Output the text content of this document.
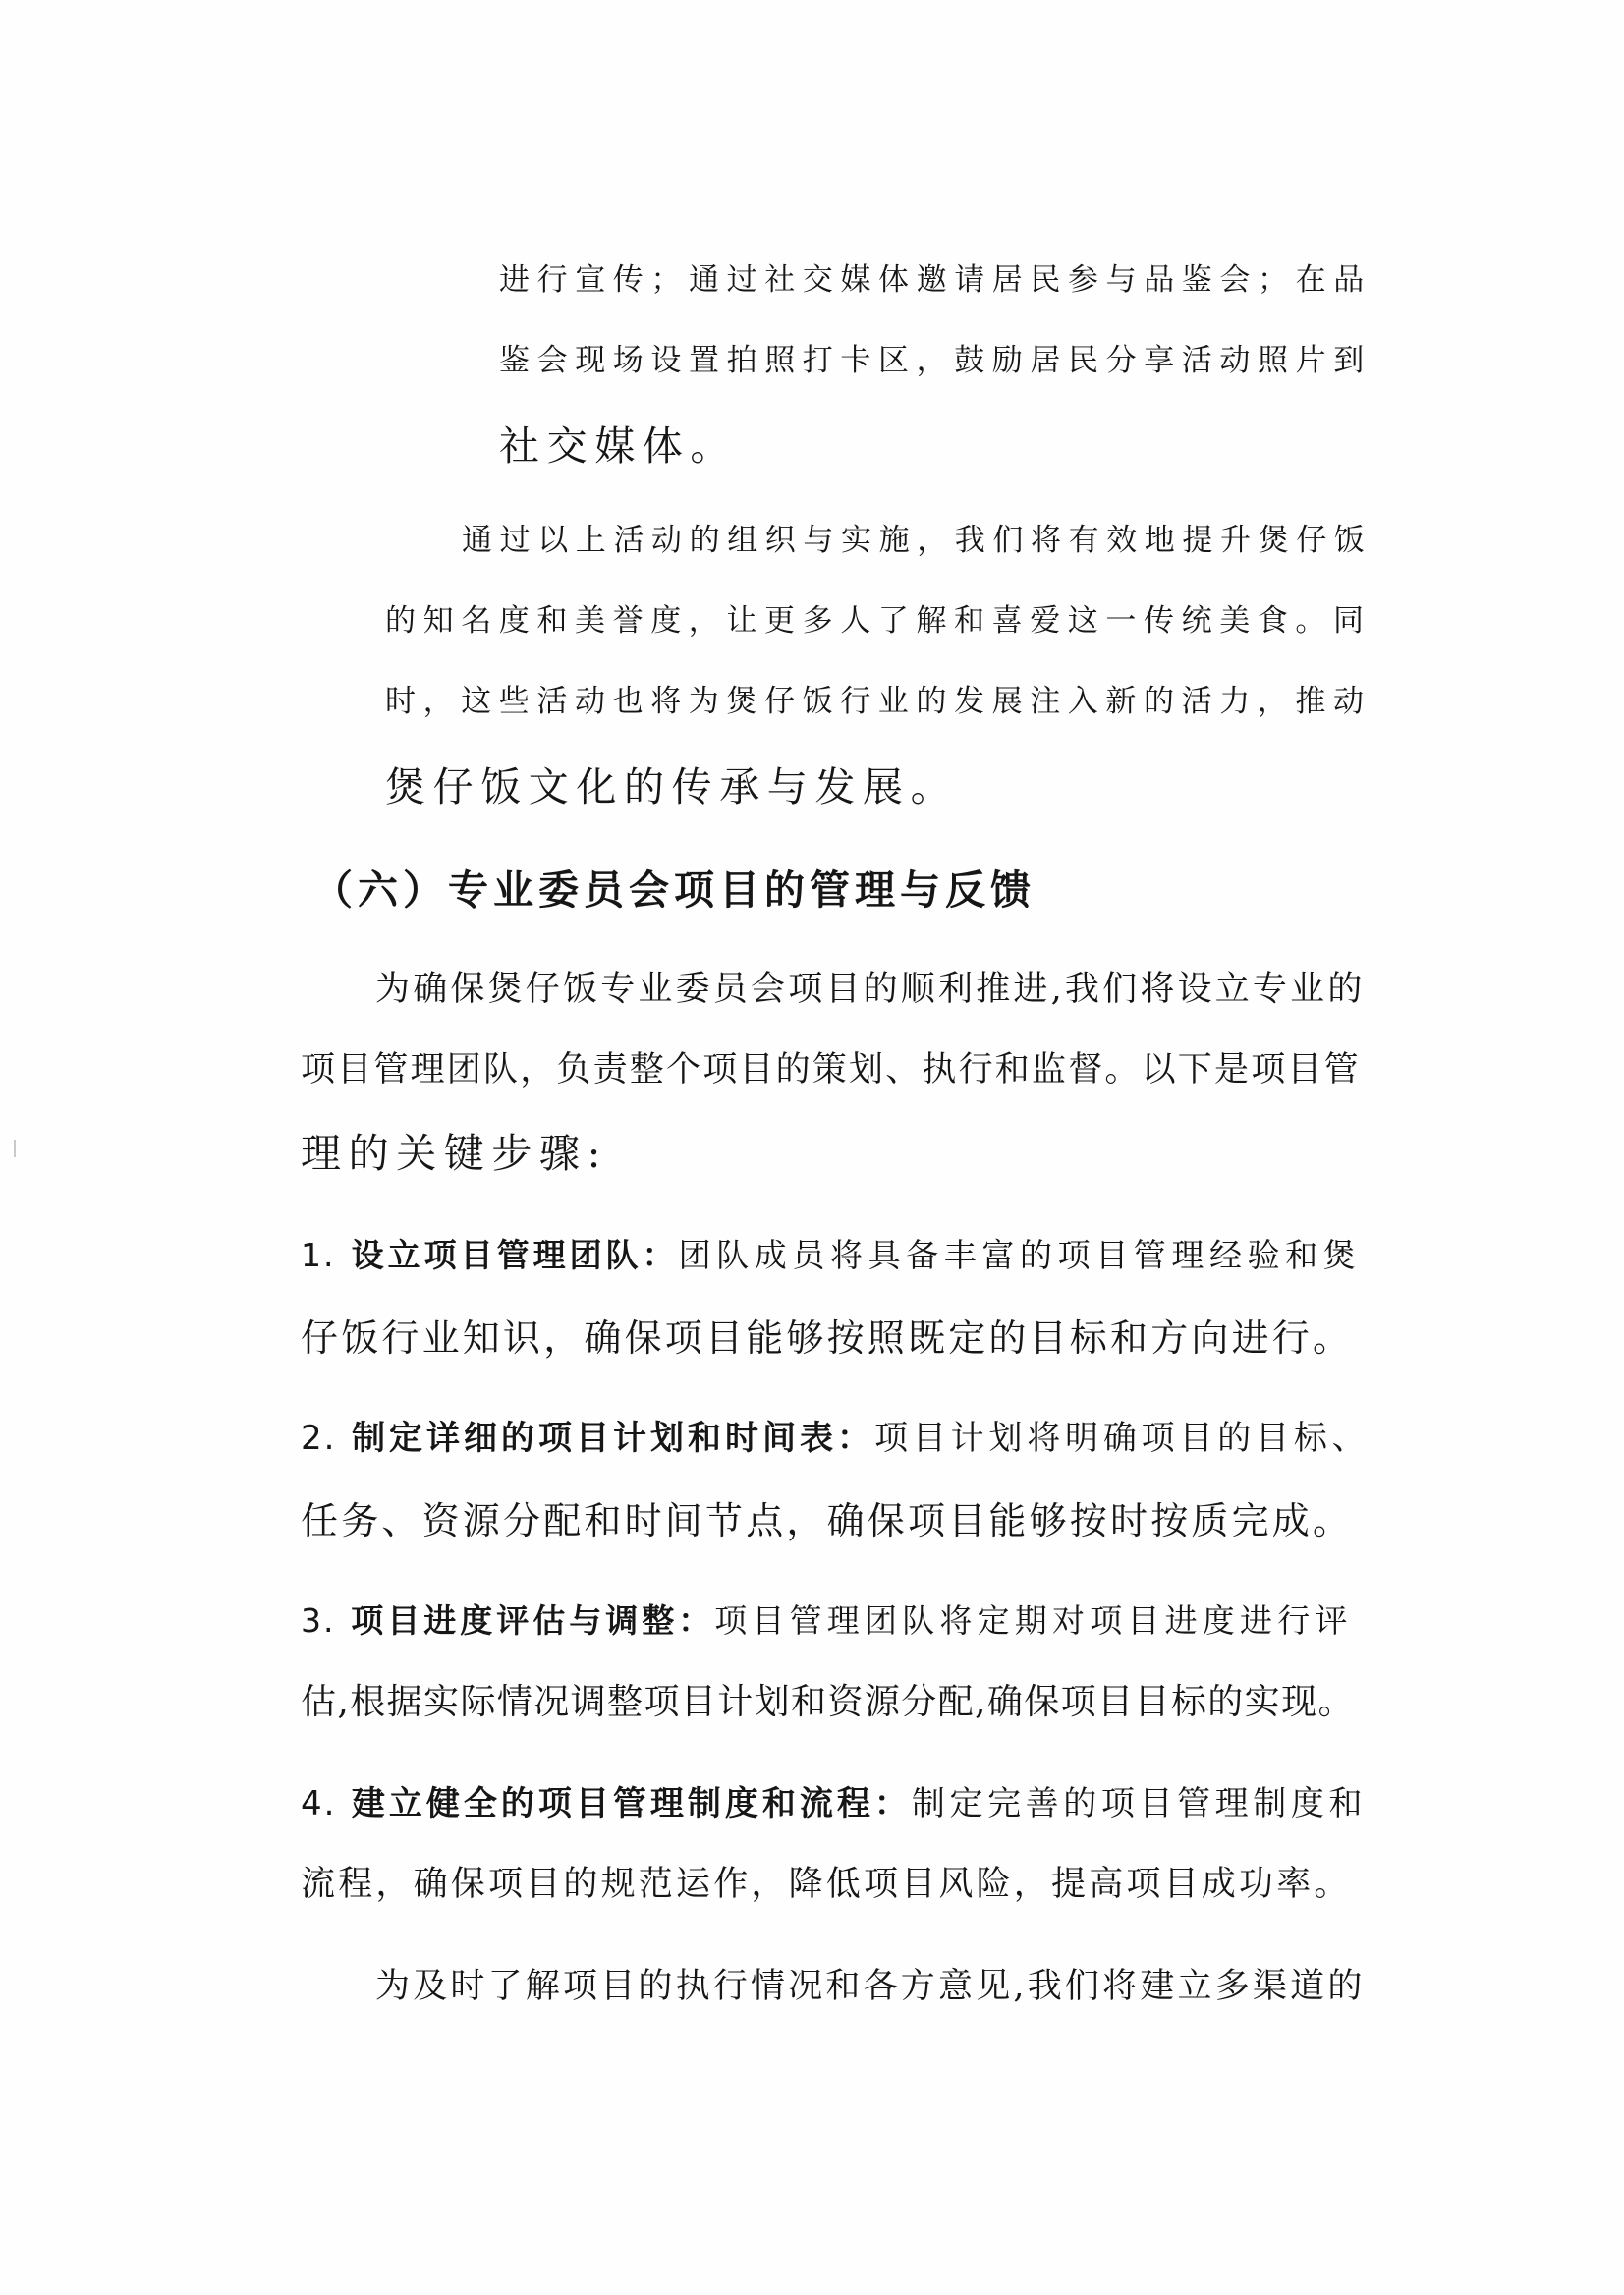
进行宣传；通过社交媒体邀请居民参与品鉴会；在品
鉴会现场设置拍照打卡区，鼓励居民分享活动照片到
社交媒体。
通过以上活动的组织与实施，我们将有效地提升煲仔饭
的知名度和美誉度，让更多人了解和喜爱这一传统美食。同
时，这些活动也将为煲仔饭行业的发展注入新的活力，推动
煲仔饭文化的传承与发展。
（六）专业委员会项目的管理与反馈
为确保煲仔饭专业委员会项目的顺利推进,我们将设立专业的
项目管理团队，负责整个项目的策划、执行和监督。以下是项目管
理的关键步骤:
1. 设立项目管理团队：团队成员将具备丰富的项目管理经验和煲
仔饭行业知识，确保项目能够按照既定的目标和方向进行。
2. 制定详细的项目计划和时间表：项目计划将明确项目的目标、
任务、资源分配和时间节点，确保项目能够按时按质完成。
3. 项目进度评估与调整：项目管理团队将定期对项目进度进行评
估,根据实际情况调整项目计划和资源分配,确保项目目标的实现。
4. 建立健全的项目管理制度和流程：制定完善的项目管理制度和
流程，确保项目的规范运作，降低项目风险，提高项目成功率。
为及时了解项目的执行情况和各方意见,我们将建立多渠道的
